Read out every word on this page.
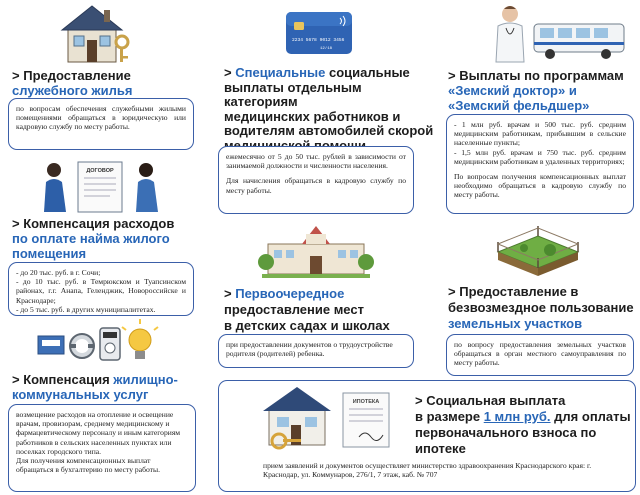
> Предоставление
служебного жилья

по вопросам обеспечения служебными жилыми помещениями обращаться в юридическую или кадровую службу по месту работы.

ДОГОВОР
> Компенсация расходов
по оплате найма жилого
помещения

- до 20 тыс. руб. в г. Сочи;

- до 10 тыс. руб. в Темрюкском и Туапсинском районах, г.г. Анапа, Геленджик, Новороссийске и Краснодаре;

- до 5 тыс. руб. в других муниципалитетах.

> Компенсация жилищно-
коммунальных услуг

возмещение расходов на отопление и освещение врачам, провизорам, среднему медицинскому и фармацевтическому персоналу и иным категориям работников в сельских населенных пунктах или поселках городского типа.

Для получения компенсационных выплат обращаться в бухгалтерию по месту работы.

2234 5678 9012 3456
12/18
> Специальные социальные
выплаты отдельным категориям
медицинских работников и
водителям автомобилей скорой

ежемесячно от 5 до 50 тыс. рублей в зависимости от занимаемой должности и численности населения.

Для начисления обращаться в кадровую службу по месту работы.

> Первоочередное
предоставление мест
в детских садах и школах

при предоставлении документов о трудоустройстве родителя (родителей) ребенка.

> Выплаты по программам
«Земский доктор» и
«Земский фельдшер»

- 1 млн руб. врачам и 500 тыс. руб. средним медицинским работникам, прибывшим в сельские населенные пункты;

- 1,5 млн руб. врачам и 750 тыс. руб. средним медицинским работникам в удаленных территориях;

По вопросам получения компенсационных выплат необходимо обращаться в кадровую службу по месту работы.

> Предоставление в
безвозмездное пользование
земельных участков

по вопросу предоставления земельных участков обращаться в орган местного самоуправления по месту работы.

ИПОТЕКА	> Социальная выплата
в размере 1 млн руб. для оплаты
первоначального взноса по ипотеке

прием заявлений и документов осуществляет министерство здравоохранения Краснодарского края: г. Краснодар, ул. Коммунаров, 276/1, 7 этаж, каб. № 707
